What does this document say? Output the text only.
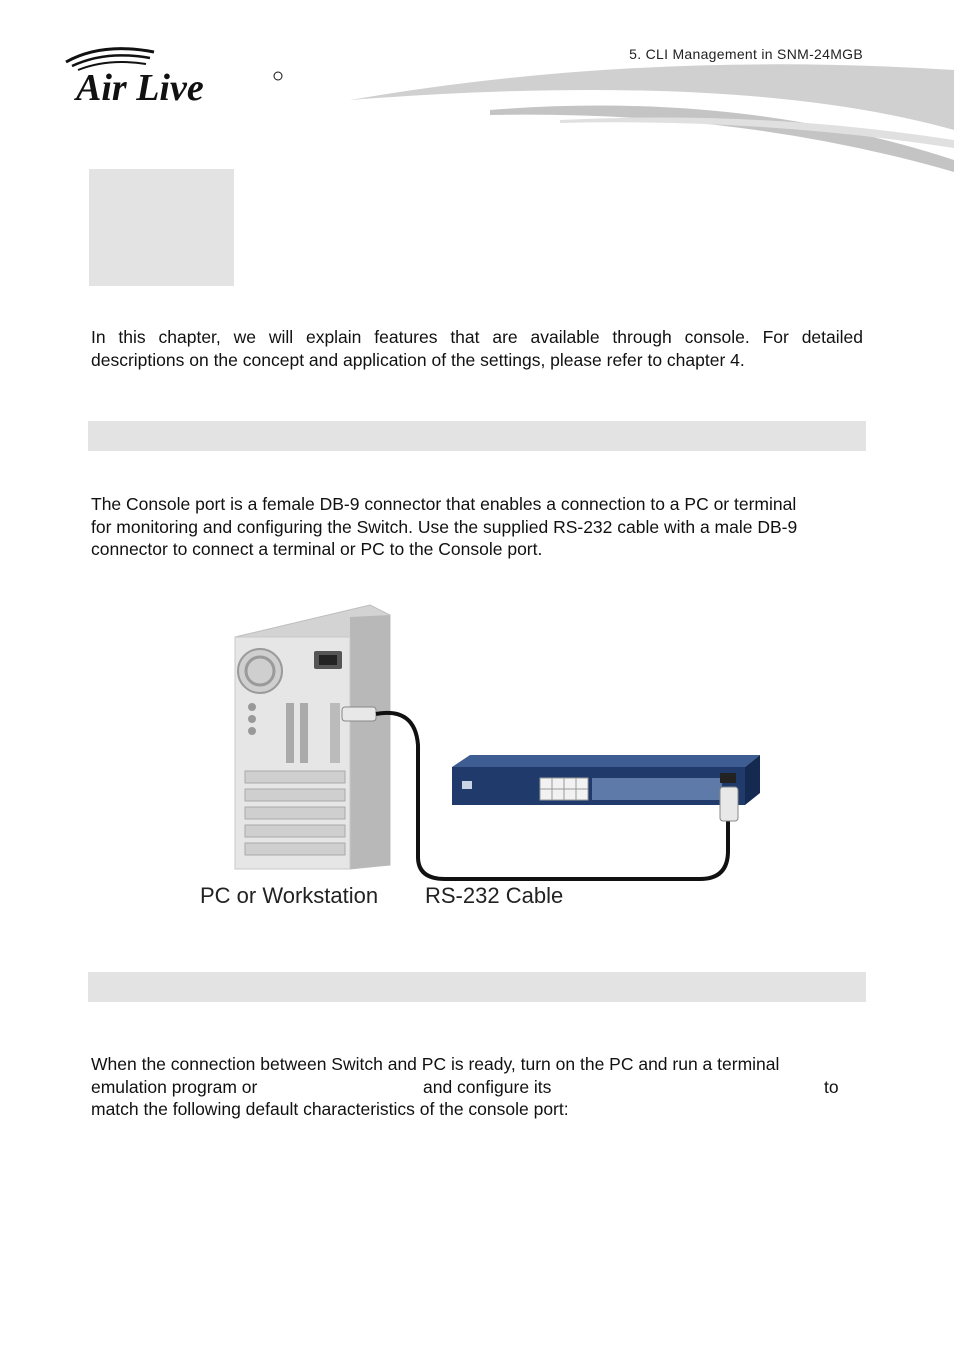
5. CLI Management in SNM-24MGB
Air Live
In this chapter, we will explain features that are available through console. For detailed
descriptions on the concept and application of the settings, please refer to chapter 4.
The Console port is a female DB-9 connector that enables a connection to a PC or terminal
for monitoring and configuring the Switch. Use the supplied RS-232 cable with a male DB-9
connector to connect a terminal or PC to the Console port.
PC or Workstation RS-232 Cable
When the connection between Switch and PC is ready, turn on the PC and run a terminal
emulation program or	and configure its	to
match the following default characteristics of the console port:
